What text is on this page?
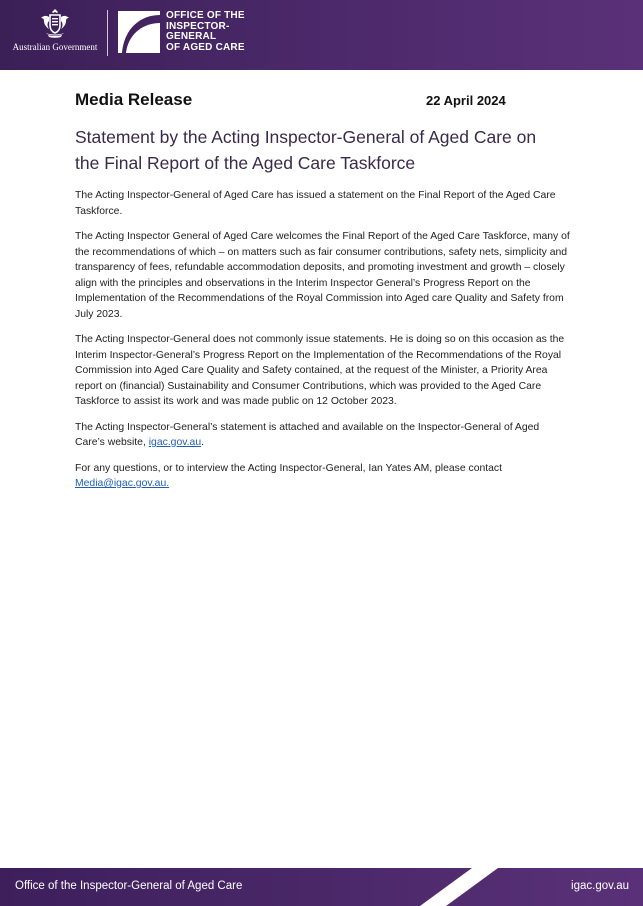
Australian Government
OFFICE OF THE
INSPECTOR-
GENERAL
OF AGED CARE
Media Release	22 April 2024
Statement by the Acting Inspector-General of Aged Care on the Final Report of the Aged Care Taskforce

The Acting Inspector-General of Aged Care has issued a statement on the Final Report of the Aged Care Taskforce.

The Acting Inspector General of Aged Care welcomes the Final Report of the Aged Care Taskforce, many of the recommendations of which – on matters such as fair consumer contributions, safety nets, simplicity and transparency of fees, refundable accommodation deposits, and promoting investment and growth – closely align with the principles and observations in the Interim Inspector General’s Progress Report on the Implementation of the Recommendations of the Royal Commission into Aged care Quality and Safety from July 2023.

The Acting Inspector-General does not commonly issue statements. He is doing so on this occasion as the Interim Inspector-General’s Progress Report on the Implementation of the Recommendations of the Royal Commission into Aged Care Quality and Safety contained, at the request of the Minister, a Priority Area report on (financial) Sustainability and Consumer Contributions, which was provided to the Aged Care Taskforce to assist its work and was made public on 12 October 2023.

The Acting Inspector-General’s statement is attached and available on the Inspector-General of Aged Care’s website, igac.gov.au.

For any questions, or to interview the Acting Inspector-General, Ian Yates AM, please contact Media@igac.gov.au.

Office of the Inspector-General of Aged Care	igac.gov.au
